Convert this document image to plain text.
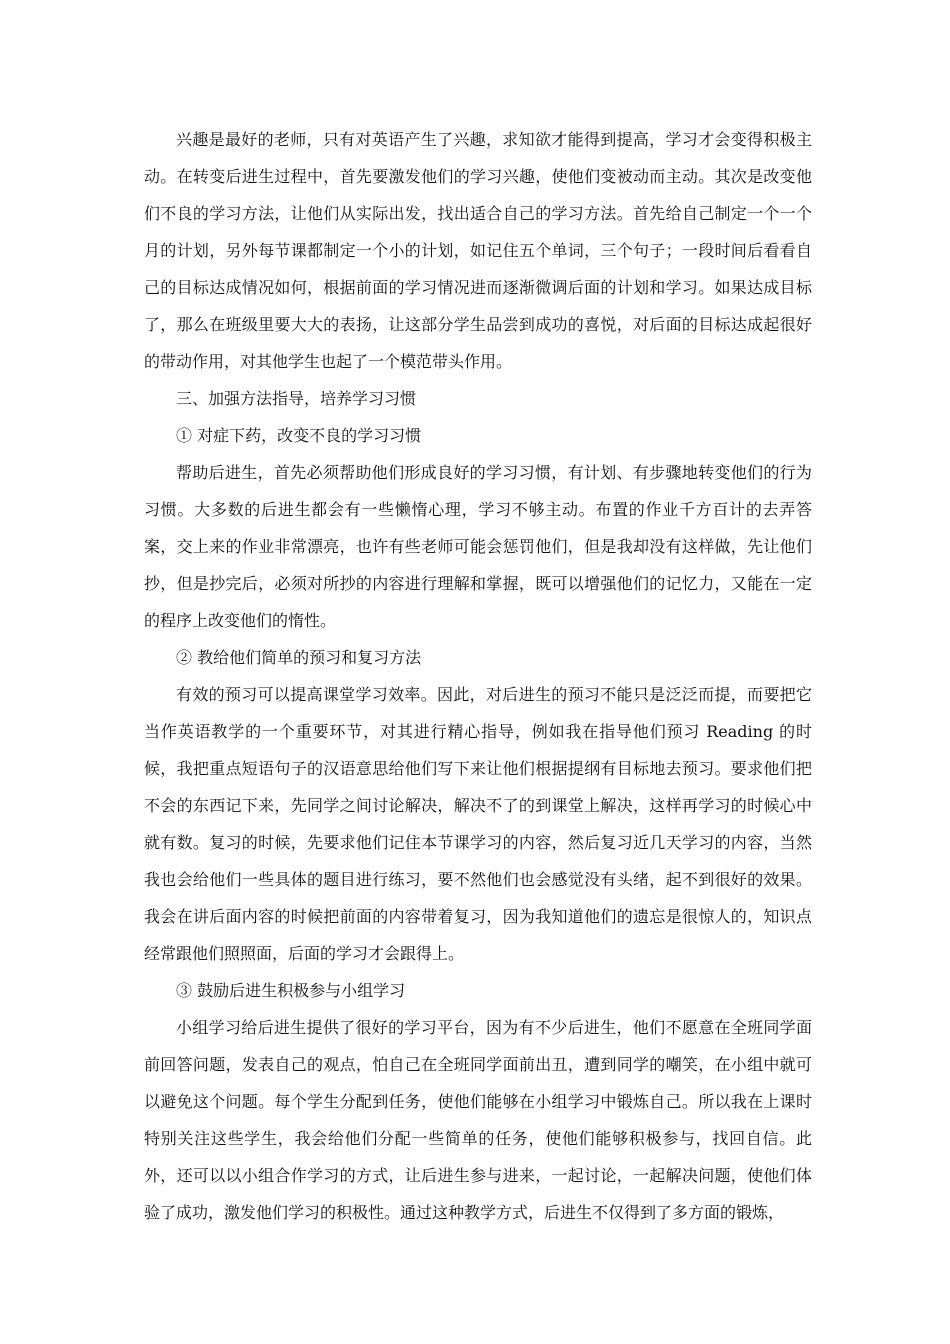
兴趣是最好的老师，只有对英语产生了兴趣，求知欲才能得到提高，学习才会变得积极主动。在转变后进生过程中，首先要激发他们的学习兴趣，使他们变被动而主动。其次是改变他们不良的学习方法，让他们从实际出发，找出适合自己的学习方法。首先给自己制定一个一个月的计划，另外每节课都制定一个小的计划，如记住五个单词，三个句子；一段时间后看看自己的目标达成情况如何，根据前面的学习情况进而逐渐微调后面的计划和学习。如果达成目标了，那么在班级里要大大的表扬，让这部分学生品尝到成功的喜悦，对后面的目标达成起很好的带动作用，对其他学生也起了一个模范带头作用。

三、加强方法指导，培养学习习惯

① 对症下药，改变不良的学习习惯

帮助后进生，首先必须帮助他们形成良好的学习习惯，有计划、有步骤地转变他们的行为习惯。大多数的后进生都会有一些懒惰心理，学习不够主动。布置的作业千方百计的去弄答案，交上来的作业非常漂亮，也许有些老师可能会惩罚他们，但是我却没有这样做，先让他们抄，但是抄完后，必须对所抄的内容进行理解和掌握，既可以增强他们的记忆力，又能在一定的程序上改变他们的惰性。

② 教给他们简单的预习和复习方法

有效的预习可以提高课堂学习效率。因此，对后进生的预习不能只是泛泛而提，而要把它当作英语教学的一个重要环节，对其进行精心指导，例如我在指导他们预习 Reading 的时候，我把重点短语句子的汉语意思给他们写下来让他们根据提纲有目标地去预习。要求他们把不会的东西记下来，先同学之间讨论解决，解决不了的到课堂上解决，这样再学习的时候心中就有数。复习的时候，先要求他们记住本节课学习的内容，然后复习近几天学习的内容，当然我也会给他们一些具体的题目进行练习，要不然他们也会感觉没有头绪，起不到很好的效果。我会在讲后面内容的时候把前面的内容带着复习，因为我知道他们的遗忘是很惊人的，知识点经常跟他们照照面，后面的学习才会跟得上。

③ 鼓励后进生积极参与小组学习

小组学习给后进生提供了很好的学习平台，因为有不少后进生，他们不愿意在全班同学面前回答问题，发表自己的观点，怕自己在全班同学面前出丑，遭到同学的嘲笑，在小组中就可以避免这个问题。每个学生分配到任务，使他们能够在小组学习中锻炼自己。所以我在上课时特别关注这些学生，我会给他们分配一些简单的任务，使他们能够积极参与，找回自信。此外，还可以以小组合作学习的方式，让后进生参与进来，一起讨论，一起解决问题，使他们体验了成功，激发他们学习的积极性。通过这种教学方式，后进生不仅得到了多方面的锻炼，
